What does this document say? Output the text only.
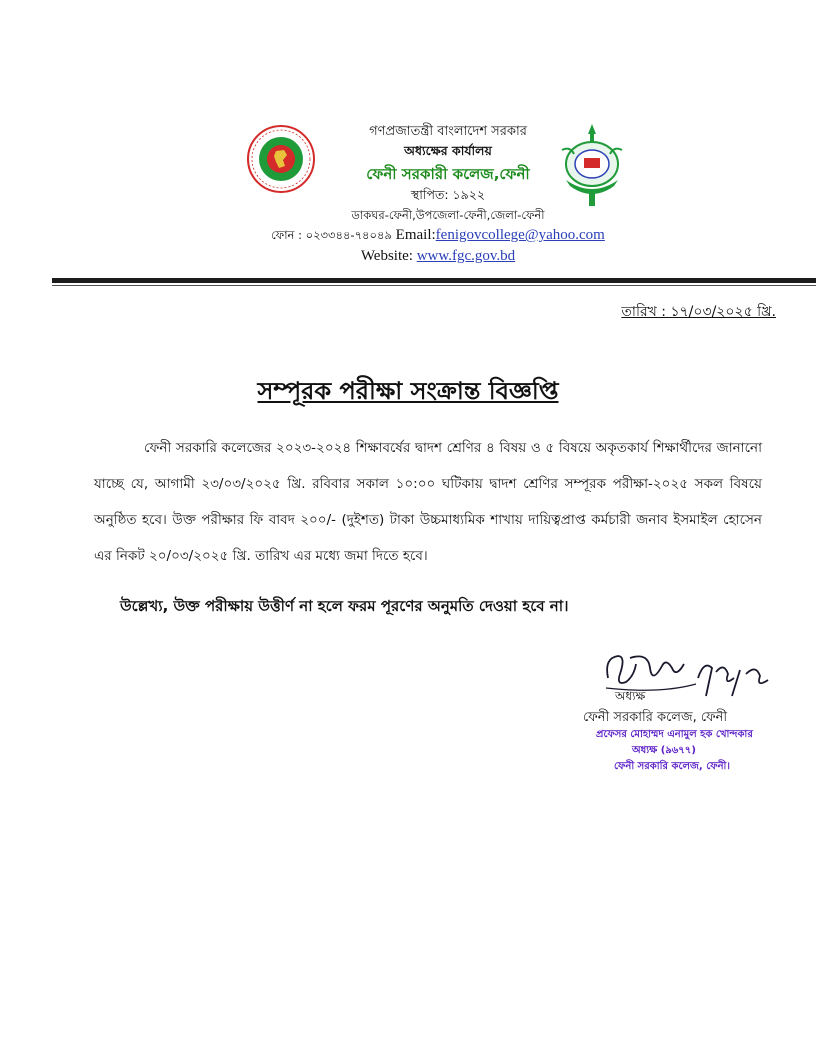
গণপ্রজাতন্ত্রী বাংলাদেশ সরকার
অধ্যক্ষের কার্যালয়
ফেনী সরকারী কলেজ,ফেনী
স্থাপিত: ১৯২২
ডাকঘর-ফেনী,উপজেলা-ফেনী,জেলা-ফেনী
ফোন : ০২৩৩৪৪-৭৪০৪৯ Email:fenigovcollege@yahoo.com
Website: www.fgc.gov.bd
তারিখ : ১৭/০৩/২০২৫ খ্রি.
সম্পূরক পরীক্ষা সংক্রান্ত বিজ্ঞপ্তি
ফেনী সরকারি কলেজের ২০২৩-২০২৪ শিক্ষাবর্ষের দ্বাদশ শ্রেণির ৪ বিষয় ও ৫ বিষয়ে অকৃতকার্য শিক্ষার্থীদের জানানো যাচ্ছে যে, আগামী ২৩/০৩/২০২৫ খ্রি. রবিবার সকাল ১০:০০ ঘটিকায় দ্বাদশ শ্রেণির সম্পূরক পরীক্ষা-২০২৫ সকল বিষয়ে অনুষ্ঠিত হবে। উক্ত পরীক্ষার ফি বাবদ ২০০/- (দুইশত) টাকা উচ্চমাধ্যমিক শাখায় দায়িত্বপ্রাপ্ত কর্মচারী জনাব ইসমাইল হোসেন এর নিকট ২০/০৩/২০২৫ খ্রি. তারিখ এর মধ্যে জমা দিতে হবে।
উল্লেখ্য, উক্ত পরীক্ষায় উত্তীর্ণ না হলে ফরম পূরণের অনুমতি দেওয়া হবে না।
অধ্যক্ষ
ফেনী সরকারি কলেজ, ফেনী
প্রফেসর মোহাম্মদ এনামুল হক খোন্দকার
অধ্যক্ষ (৯৬৭৭)
ফেনী সরকারি কলেজ, ফেনী।
